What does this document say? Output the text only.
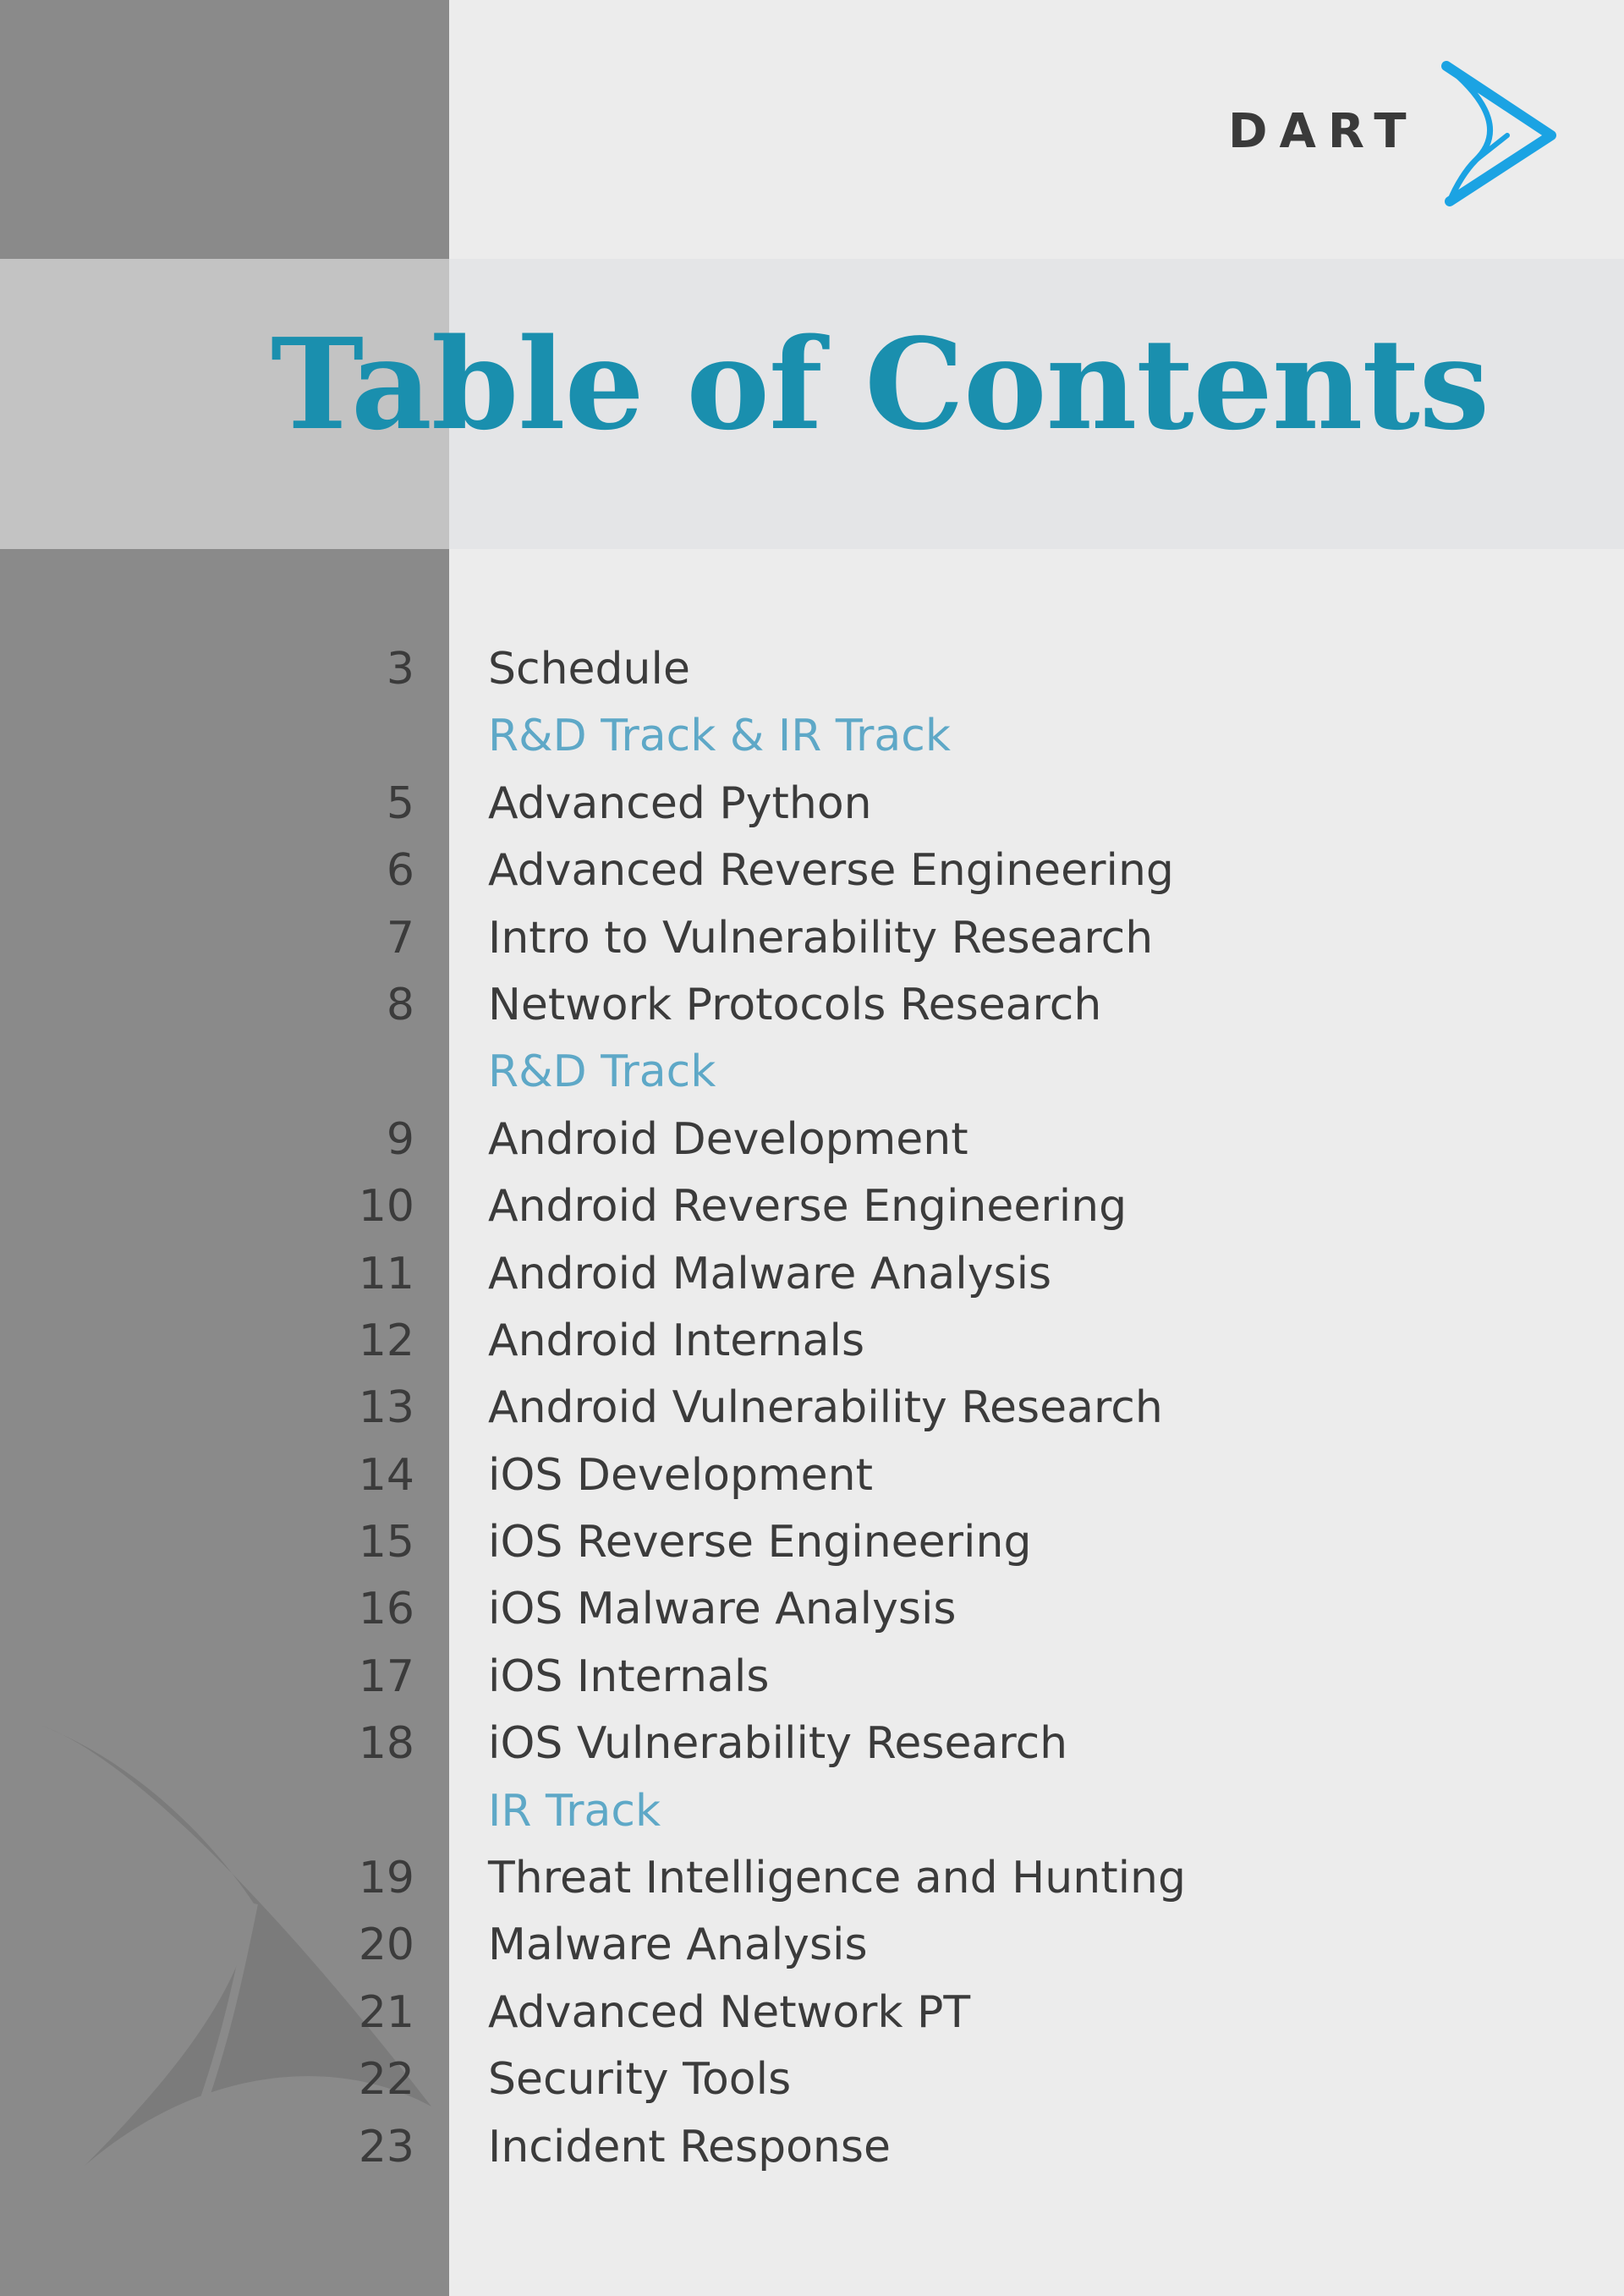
Table of Contents
DART
3 Schedule
R&D Track & IR Track
5 Advanced Python
6 Advanced Reverse Engineering
7 Intro to Vulnerability Research
8 Network Protocols Research
R&D Track
9 Android Development
10 Android Reverse Engineering
11 Android Malware Analysis
12 Android Internals
13 Android Vulnerability Research
14 iOS Development
15 iOS Reverse Engineering
16 iOS Malware Analysis
17 iOS Internals
18 iOS Vulnerability Research
IR Track
19 Threat Intelligence and Hunting
20 Malware Analysis
21 Advanced Network PT
22 Security Tools
23 Incident Response
